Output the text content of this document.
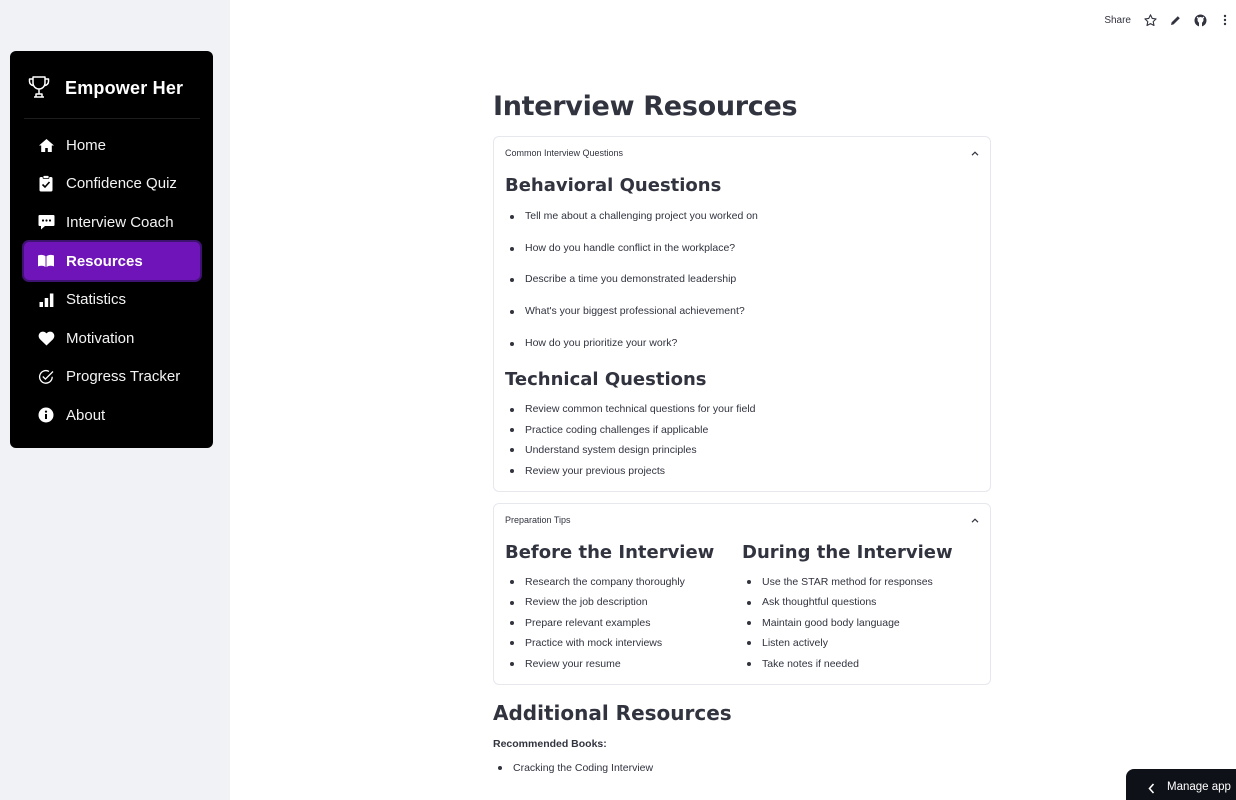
Empower Her
Home
Confidence Quiz
Interview Coach
Resources
Statistics
Motivation
Progress Tracker
About
Share
Interview Resources
Common Interview Questions
Behavioral Questions
Tell me about a challenging project you worked on
How do you handle conflict in the workplace?
Describe a time you demonstrated leadership
What's your biggest professional achievement?
How do you prioritize your work?
Technical Questions
Review common technical questions for your field
Practice coding challenges if applicable
Understand system design principles
Review your previous projects
Preparation Tips
Before the Interview
Research the company thoroughly
Review the job description
Prepare relevant examples
Practice with mock interviews
Review your resume
During the Interview
Use the STAR method for responses
Ask thoughtful questions
Maintain good body language
Listen actively
Take notes if needed
Additional Resources
Recommended Books:
Cracking the Coding Interview
Manage app
